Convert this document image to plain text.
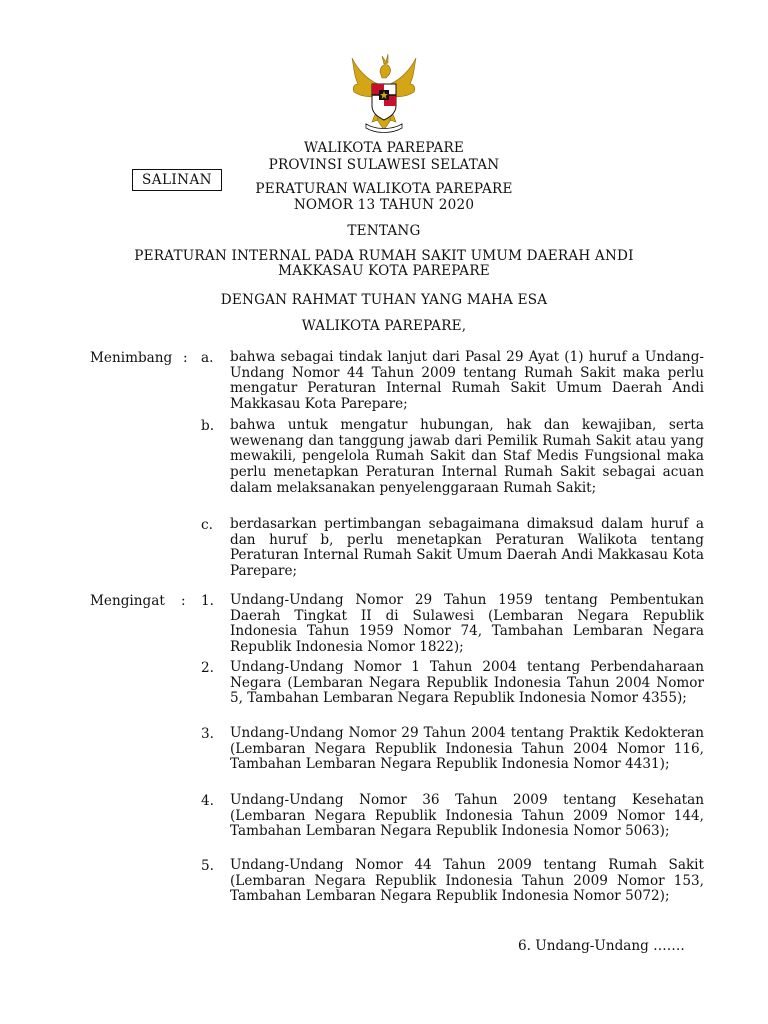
WALIKOTA PAREPARE
PROVINSI SULAWESI SELATAN
SALINAN
PERATURAN WALIKOTA PAREPARE
NOMOR 13 TAHUN 2020
TENTANG
PERATURAN INTERNAL PADA RUMAH SAKIT UMUM DAERAH ANDI
MAKKASAU KOTA PAREPARE
DENGAN RAHMAT TUHAN YANG MAHA ESA
WALIKOTA PAREPARE,
Menimbang : a. bahwa sebagai tindak lanjut dari Pasal 29 Ayat (1) huruf a Undang-Undang Nomor 44 Tahun 2009 tentang Rumah Sakit maka perlu mengatur Peraturan Internal Rumah Sakit Umum Daerah Andi Makkasau Kota Parepare;
b. bahwa untuk mengatur hubungan, hak dan kewajiban, serta wewenang dan tanggung jawab dari Pemilik Rumah Sakit atau yang mewakili, pengelola Rumah Sakit dan Staf Medis Fungsional maka perlu menetapkan Peraturan Internal Rumah Sakit sebagai acuan dalam melaksanakan penyelenggaraan Rumah Sakit;
c. berdasarkan pertimbangan sebagaimana dimaksud dalam huruf a dan huruf b, perlu menetapkan Peraturan Walikota tentang Peraturan Internal Rumah Sakit Umum Daerah Andi Makkasau Kota Parepare;
Mengingat : 1. Undang-Undang Nomor 29 Tahun 1959 tentang Pembentukan Daerah Tingkat II di Sulawesi (Lembaran Negara Republik Indonesia Tahun 1959 Nomor 74, Tambahan Lembaran Negara Republik Indonesia Nomor 1822);
2. Undang-Undang Nomor 1 Tahun 2004 tentang Perbendaharaan Negara (Lembaran Negara Republik Indonesia Tahun 2004 Nomor 5, Tambahan Lembaran Negara Republik Indonesia Nomor 4355);
3. Undang-Undang Nomor 29 Tahun 2004 tentang Praktik Kedokteran (Lembaran Negara Republik Indonesia Tahun 2004 Nomor 116, Tambahan Lembaran Negara Republik Indonesia Nomor 4431);
4. Undang-Undang Nomor 36 Tahun 2009 tentang Kesehatan (Lembaran Negara Republik Indonesia Tahun 2009 Nomor 144, Tambahan Lembaran Negara Republik Indonesia Nomor 5063);
5. Undang-Undang Nomor 44 Tahun 2009 tentang Rumah Sakit (Lembaran Negara Republik Indonesia Tahun 2009 Nomor 153, Tambahan Lembaran Negara Republik Indonesia Nomor 5072);
6. Undang-Undang …….
